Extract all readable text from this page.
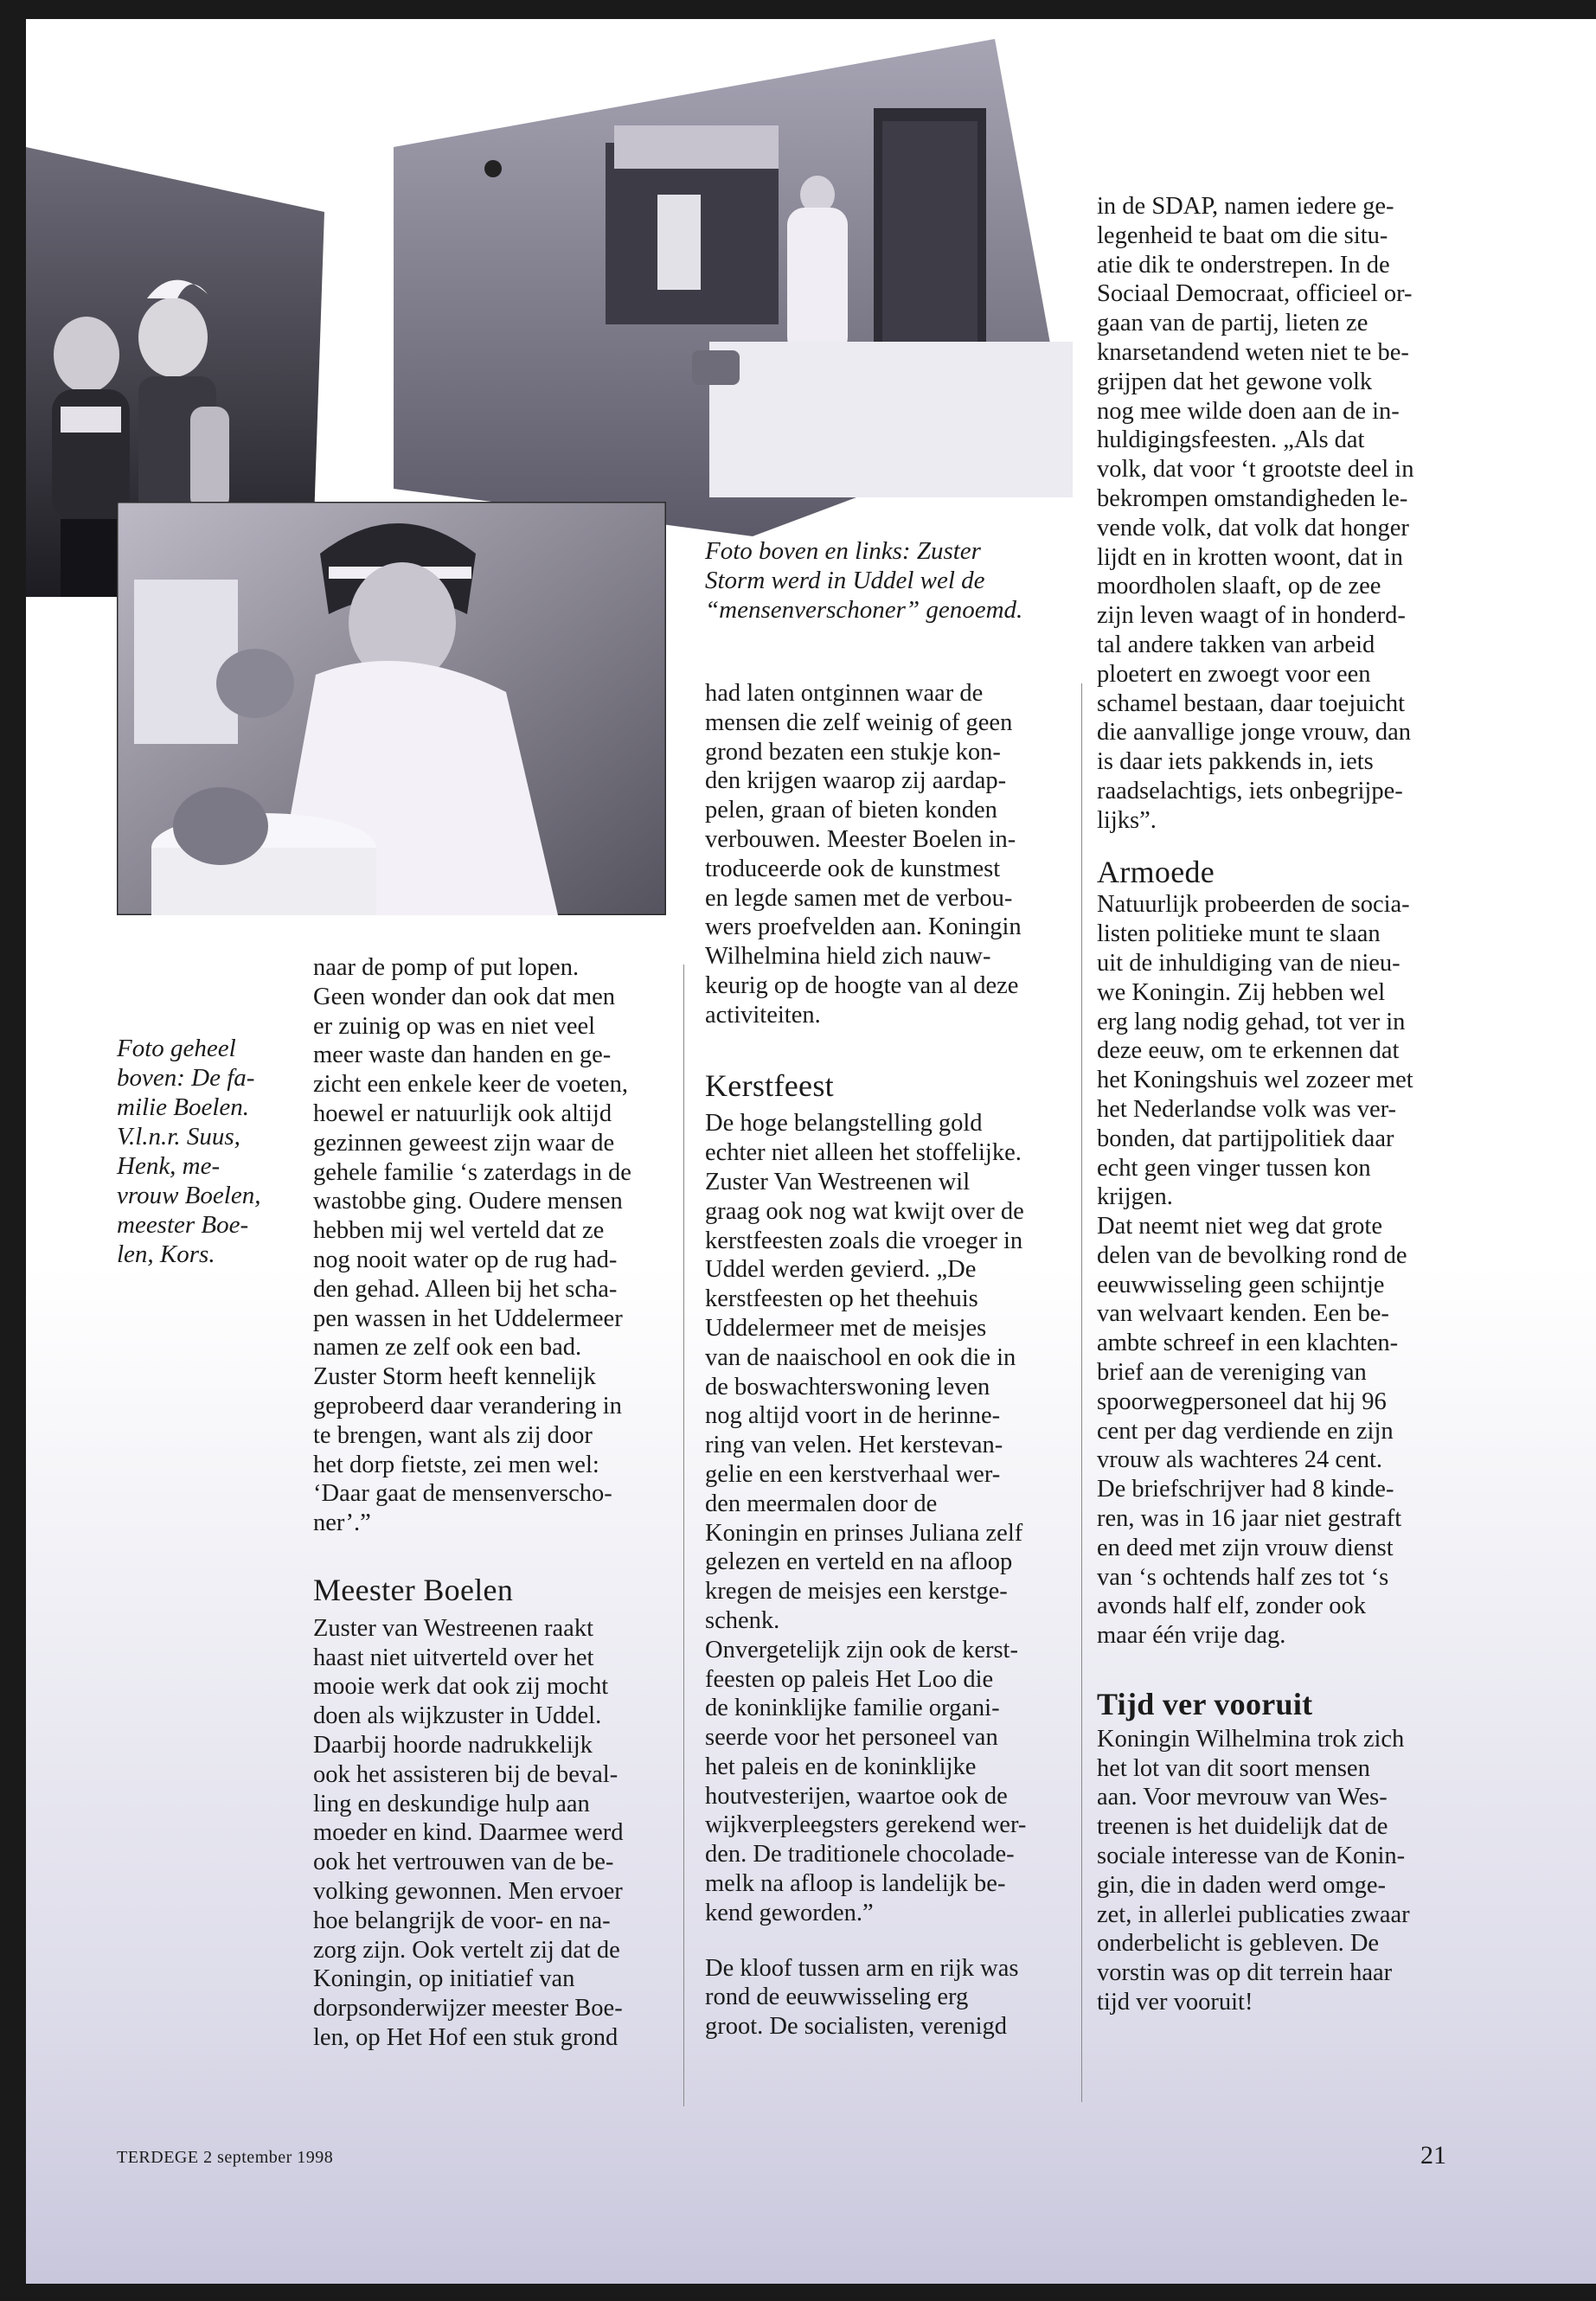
Foto geheel
boven: De fa-
milie Boelen.
V.l.n.r. Suus,
Henk, me-
vrouw Boelen,
meester Boe-
len, Kors.
Foto boven en links: Zuster
Storm werd in Uddel wel de
“mensenverschoner” genoemd.

naar de pomp of put lopen.
Geen wonder dan ook dat men
er zuinig op was en niet veel
meer waste dan handen en ge-
zicht een enkele keer de voeten,
hoewel er natuurlijk ook altijd
gezinnen geweest zijn waar de
gehele familie ‘s zaterdags in de
wastobbe ging. Oudere mensen
hebben mij wel verteld dat ze
nog nooit water op de rug had-
den gehad. Alleen bij het scha-
pen wassen in het Uddelermeer
namen ze zelf ook een bad.
Zuster Storm heeft kennelijk
geprobeerd daar verandering in
te brengen, want als zij door
het dorp fietste, zei men wel:
‘Daar gaat de mensenverscho-
ner’.”

Meester Boelen

Zuster van Westreenen raakt
haast niet uitverteld over het
mooie werk dat ook zij mocht
doen als wijkzuster in Uddel.
Daarbij hoorde nadrukkelijk
ook het assisteren bij de beval-
ling en deskundige hulp aan
moeder en kind. Daarmee werd
ook het vertrouwen van de be-
volking gewonnen. Men ervoer
hoe belangrijk de voor- en na-
zorg zijn. Ook vertelt zij dat de
Koningin, op initiatief van
dorpsonderwijzer meester Boe-
len, op Het Hof een stuk grond

had laten ontginnen waar de
mensen die zelf weinig of geen
grond bezaten een stukje kon-
den krijgen waarop zij aardap-
pelen, graan of bieten konden
verbouwen. Meester Boelen in-
troduceerde ook de kunstmest
en legde samen met de verbou-
wers proefvelden aan. Koningin
Wilhelmina hield zich nauw-
keurig op de hoogte van al deze
activiteiten.

Kerstfeest

De hoge belangstelling gold
echter niet alleen het stoffelijke.
Zuster Van Westreenen wil
graag ook nog wat kwijt over de
kerstfeesten zoals die vroeger in
Uddel werden gevierd. „De
kerstfeesten op het theehuis
Uddelermeer met de meisjes
van de naaischool en ook die in
de boswachterswoning leven
nog altijd voort in de herinne-
ring van velen. Het kerstevan-
gelie en een kerstverhaal wer-
den meermalen door de
Koningin en prinses Juliana zelf
gelezen en verteld en na afloop
kregen de meisjes een kerstge-
schenk.

Onvergetelijk zijn ook de kerst-
feesten op paleis Het Loo die
de koninklijke familie organi-
seerde voor het personeel van
het paleis en de koninklijke
houtvesterijen, waartoe ook de
wijkverpleegsters gerekend wer-
den. De traditionele chocolade-
melk na afloop is landelijk be-
kend geworden.”

De kloof tussen arm en rijk was
rond de eeuwwisseling erg
groot. De socialisten, verenigd

in de SDAP, namen iedere ge-
legenheid te baat om die situ-
atie dik te onderstrepen. In de
Sociaal Democraat, officieel or-
gaan van de partij, lieten ze
knarsetandend weten niet te be-
grijpen dat het gewone volk
nog mee wilde doen aan de in-
huldigingsfeesten. „Als dat
volk, dat voor ‘t grootste deel in
bekrompen omstandigheden le-
vende volk, dat volk dat honger
lijdt en in krotten woont, dat in
moordholen slaaft, op de zee
zijn leven waagt of in honderd-
tal andere takken van arbeid
ploetert en zwoegt voor een
schamel bestaan, daar toejuicht
die aanvallige jonge vrouw, dan
is daar iets pakkends in, iets
raadselachtigs, iets onbegrijpe-
lijks”.

Armoede

Natuurlijk probeerden de socia-
listen politieke munt te slaan
uit de inhuldiging van de nieu-
we Koningin. Zij hebben wel
erg lang nodig gehad, tot ver in
deze eeuw, om te erkennen dat
het Koningshuis wel zozeer met
het Nederlandse volk was ver-
bonden, dat partijpolitiek daar
echt geen vinger tussen kon
krijgen.

Dat neemt niet weg dat grote
delen van de bevolking rond de
eeuwwisseling geen schijntje
van welvaart kenden. Een be-
ambte schreef in een klachten-
brief aan de vereniging van
spoorwegpersoneel dat hij 96
cent per dag verdiende en zijn
vrouw als wachteres 24 cent.
De briefschrijver had 8 kinde-
ren, was in 16 jaar niet gestraft
en deed met zijn vrouw dienst
van ‘s ochtends half zes tot ‘s
avonds half elf, zonder ook
maar één vrije dag.

Tijd ver vooruit

Koningin Wilhelmina trok zich
het lot van dit soort mensen
aan. Voor mevrouw van Wes-
treenen is het duidelijk dat de
sociale interesse van de Konin-
gin, die in daden werd omge-
zet, in allerlei publicaties zwaar
onderbelicht is gebleven. De
vorstin was op dit terrein haar
tijd ver vooruit!

TERDEGE 2 september 1998	21
